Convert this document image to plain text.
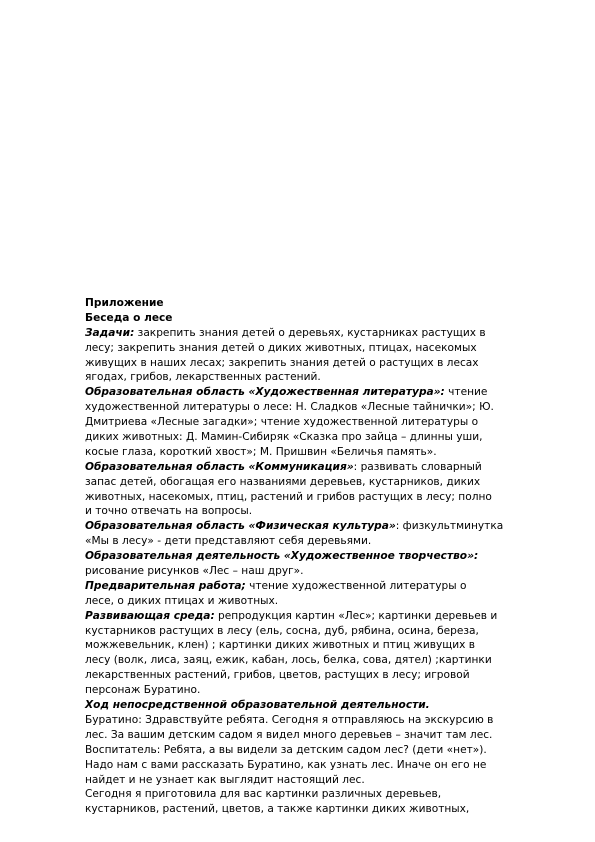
Приложение
Беседа о лесе
Задачи: закрепить знания детей о деревьях, кустарниках растущих в
лесу; закрепить знания детей о диких животных, птицах, насекомых
живущих в наших лесах; закрепить знания детей о растущих в лесах
ягодах, грибов, лекарственных растений.
Образовательная область «Художественная литература»: чтение
художественной литературы о лесе: Н. Сладков «Лесные тайнички»; Ю.
Дмитриева «Лесные загадки»; чтение художественной литературы о
диких животных: Д. Мамин-Сибиряк «Сказка про зайца – длинны уши,
косые глаза, короткий хвост»; М. Пришвин «Беличья память».
Образовательная область «Коммуникация»: развивать словарный
запас детей, обогащая его названиями деревьев, кустарников, диких
животных, насекомых, птиц, растений и грибов растущих в лесу; полно
и точно отвечать на вопросы.
Образовательная область «Физическая культура»: физкультминутка
«Мы в лесу» - дети представляют себя деревьями.
Образовательная деятельность «Художественное творчество»:
рисование рисунков «Лес – наш друг».
Предварительная работа; чтение художественной литературы о
лесе, о диких птицах и животных.
Развивающая среда: репродукция картин «Лес»; картинки деревьев и
кустарников растущих в лесу (ель, сосна, дуб, рябина, осина, береза,
можжевельник, клен) ; картинки диких животных и птиц живущих в
лесу (волк, лиса, заяц, ежик, кабан, лось, белка, сова, дятел) ;картинки
лекарственных растений, грибов, цветов, растущих в лесу; игровой
персонаж Буратино.
Ход непосредственной образовательной деятельности.
Буратино: Здравствуйте ребята. Сегодня я отправляюсь на экскурсию в
лес. За вашим детским садом я видел много деревьев – значит там лес.
Воспитатель: Ребята, а вы видели за детским садом лес? (дети «нет»).
Надо нам с вами рассказать Буратино, как узнать лес. Иначе он его не
найдет и не узнает как выглядит настоящий лес.
Сегодня я приготовила для вас картинки различных деревьев,
кустарников, растений, цветов, а также картинки диких животных,
